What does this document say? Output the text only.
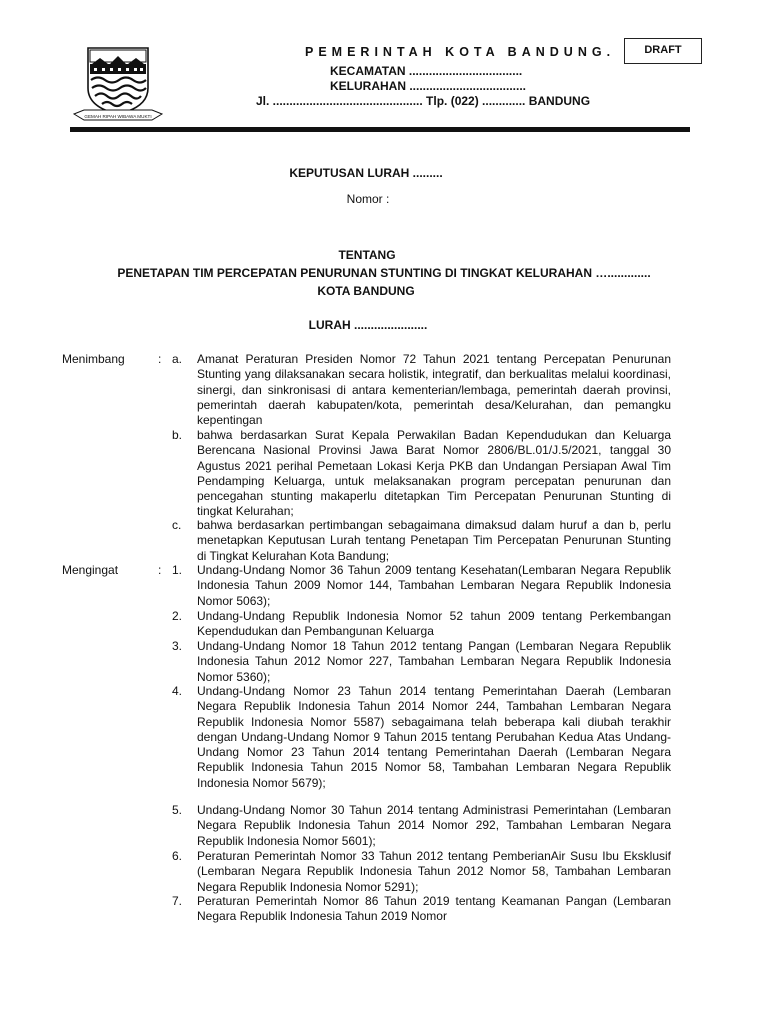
GEMAH RIPAH WIBAWA MUKTI
PEMERINTAH KOTA BANDUNG.
KECAMATAN ..................................
KELURAHAN ...................................
Jl. ............................................. Tlp. (022) ............. BANDUNG
DRAFT
KEPUTUSAN LURAH .........
Nomor :
TENTANG
PENETAPAN TIM PERCEPATAN PENURUNAN STUNTING DI TINGKAT KELURAHAN ….............
KOTA BANDUNG
LURAH ......................
Menimbang	: a.	Amanat Peraturan Presiden Nomor 72 Tahun 2021 tentang Percepatan Penurunan Stunting yang dilaksanakan secara holistik, integratif, dan berkualitas melalui koordinasi, sinergi, dan sinkronisasi di antara kementerian/lembaga, pemerintah daerah provinsi, pemerintah daerah kabupaten/kota, pemerintah desa/Kelurahan, dan pemangku kepentingan
b.	bahwa berdasarkan Surat Kepala Perwakilan Badan Kependudukan dan Keluarga Berencana Nasional Provinsi Jawa Barat Nomor 2806/BL.01/J.5/2021, tanggal 30 Agustus 2021 perihal Pemetaan Lokasi Kerja PKB dan Undangan Persiapan Awal Tim Pendamping Keluarga, untuk melaksanakan program percepatan penurunan dan pencegahan stunting makaperlu ditetapkan Tim Percepatan Penurunan Stunting di tingkat Kelurahan;
c.	bahwa berdasarkan pertimbangan sebagaimana dimaksud dalam huruf a dan b, perlu menetapkan Keputusan Lurah tentang Penetapan Tim Percepatan Penurunan Stunting di Tingkat Kelurahan Kota Bandung;
Mengingat	: 1.	Undang-Undang Nomor 36 Tahun 2009 tentang Kesehatan(Lembaran Negara Republik Indonesia Tahun 2009 Nomor 144, Tambahan Lembaran Negara Republik Indonesia Nomor 5063);
2.	Undang-Undang Republik Indonesia Nomor 52 tahun 2009 tentang Perkembangan Kependudukan dan Pembangunan Keluarga
3.	Undang-Undang Nomor 18 Tahun 2012 tentang Pangan (Lembaran Negara Republik Indonesia Tahun 2012 Nomor 227, Tambahan Lembaran Negara Republik Indonesia Nomor 5360);
4.	Undang-Undang Nomor 23 Tahun 2014 tentang Pemerintahan Daerah (Lembaran Negara Republik Indonesia Tahun 2014 Nomor 244, Tambahan Lembaran Negara Republik Indonesia Nomor 5587) sebagaimana telah beberapa kali diubah terakhir dengan Undang-Undang Nomor 9 Tahun 2015 tentang Perubahan Kedua Atas Undang-Undang Nomor 23 Tahun 2014 tentang Pemerintahan Daerah (Lembaran Negara Republik Indonesia Tahun 2015 Nomor 58, Tambahan Lembaran Negara Republik Indonesia Nomor 5679);
5.	Undang-Undang Nomor 30 Tahun 2014 tentang Administrasi Pemerintahan (Lembaran Negara Republik Indonesia Tahun 2014 Nomor 292, Tambahan Lembaran Negara Republik Indonesia Nomor 5601);
6.	Peraturan Pemerintah Nomor 33 Tahun 2012 tentang PemberianAir Susu Ibu Eksklusif (Lembaran Negara Republik Indonesia Tahun 2012 Nomor 58, Tambahan Lembaran Negara Republik Indonesia Nomor 5291);
7.	Peraturan Pemerintah Nomor 86 Tahun 2019 tentang Keamanan Pangan (Lembaran Negara Republik Indonesia Tahun 2019 Nomor
